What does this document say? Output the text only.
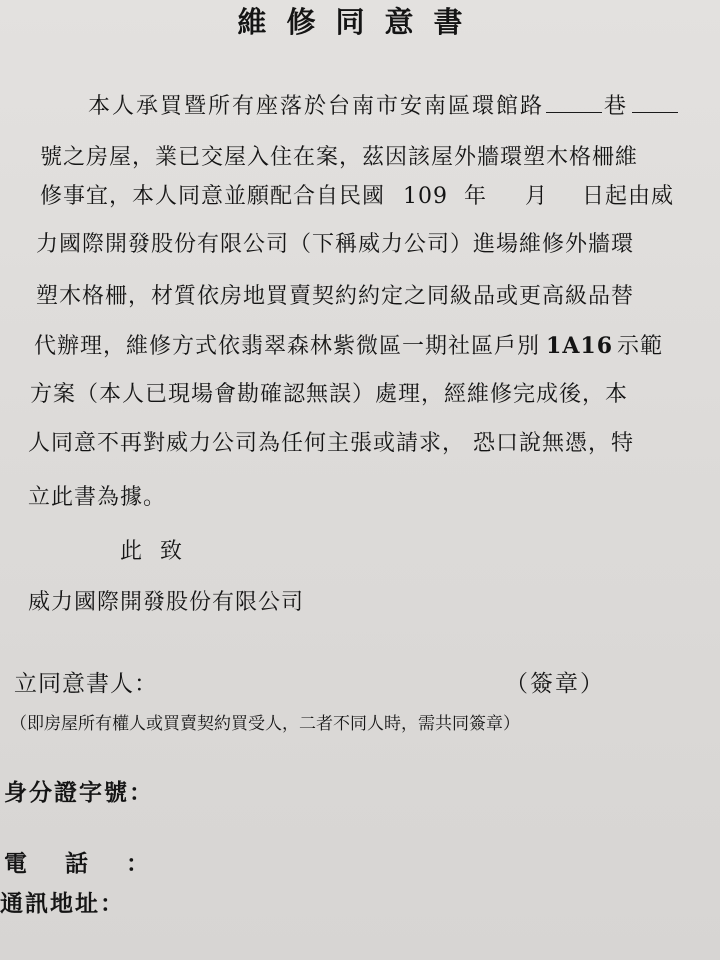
維修同意書
本人承買暨所有座落於台南市安南區環館路	巷
號之房屋，業已交屋入住在案，茲因該屋外牆環塑木格柵維
修事宜，本人同意並願配合自民國 109 年 月 日起由威
力國際開發股份有限公司（下稱威力公司）進場維修外牆環
塑木格柵，材質依房地買賣契約約定之同級品或更高級品替
代辦理，維修方式依翡翠森林紫微區一期社區戶別 1A16 示範
方案（本人已現場會勘確認無誤）處理，經維修完成後，本
人同意不再對威力公司為任何主張或請求， 恐口說無憑，特
立此書為據。
此致
威力國際開發股份有限公司
立同意書人：	（簽章）
（即房屋所有權人或買賣契約買受人，二者不同人時，需共同簽章）
身分證字號：
電話：
通訊地址：
